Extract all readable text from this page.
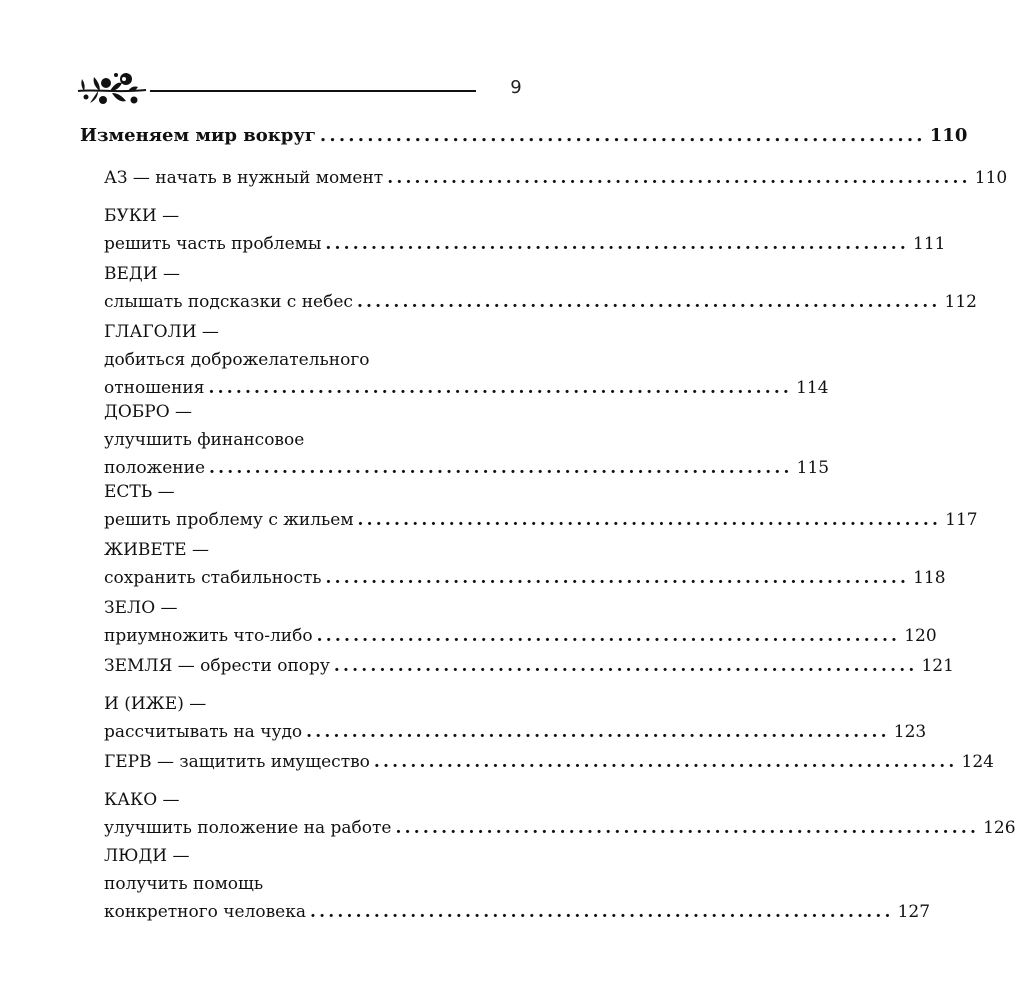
9
Изменяем мир вокруг ................................................................ 110
АЗ — начать в нужный момент ................................................................ 110
БУКИ —
решить часть проблемы ................................................................ 111
ВЕДИ —
слышать подсказки с небес ................................................................ 112
ГЛАГОЛИ —
добиться доброжелательного
отношения ................................................................ 114
ДОБРО —
улучшить финансовое
положение ................................................................ 115
ЕСТЬ —
решить проблему с жильем ................................................................ 117
ЖИВЕТЕ —
сохранить стабильность ................................................................ 118
ЗЕЛО —
приумножить что-либо ................................................................ 120
ЗЕМЛЯ — обрести опору ................................................................ 121
И (ИЖЕ) —
рассчитывать на чудо ................................................................ 123
ГЕРВ — защитить имущество ................................................................ 124
КАКО —
улучшить положение на работе ................................................................ 126
ЛЮДИ —
получить помощь
конкретного человека ................................................................ 127
